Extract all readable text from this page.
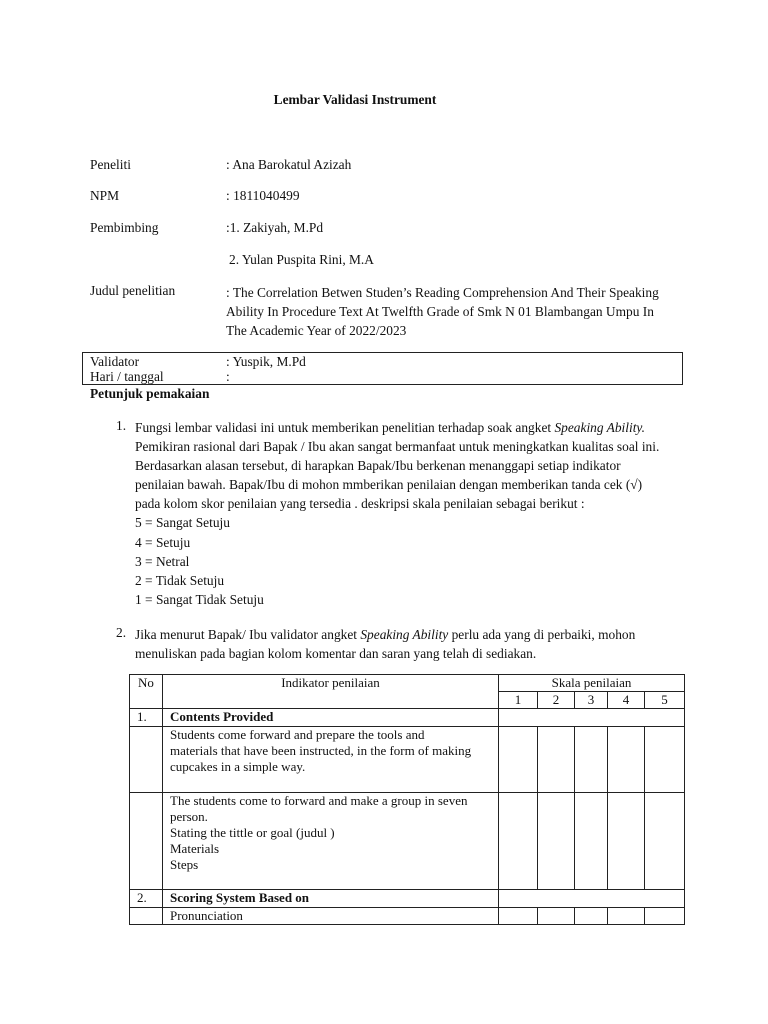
Lembar Validasi Instrument
Peneliti	: Ana Barokatul Azizah
NPM	: 1811040499
Pembimbing	:1. Zakiyah, M.Pd
2. Yulan Puspita Rini, M.A
Judul penelitian	: The Correlation Betwen Studen’s Reading Comprehension And Their Speaking
Ability In Procedure Text At Twelfth Grade of Smk N 01 Blambangan Umpu In
The Academic Year of 2022/2023
Validator	: Yuspik, M.Pd
Hari / tanggal	:
Petunjuk pemakaian
1. Fungsi lembar validasi ini untuk memberikan penelitian terhadap soak angket Speaking Ability.
Pemikiran rasional dari Bapak / Ibu akan sangat bermanfaat untuk meningkatkan kualitas soal ini.
Berdasarkan alasan tersebut, di harapkan Bapak/Ibu berkenan menanggapi setiap indikator
penilaian bawah. Bapak/Ibu di mohon mmberikan penilaian dengan memberikan tanda cek (√)
pada kolom skor penilaian yang tersedia . deskripsi skala penilaian sebagai berikut :
5 = Sangat Setuju
4 = Setuju
3 = Netral
2 = Tidak Setuju
1 = Sangat Tidak Setuju
2. Jika menurut Bapak/ Ibu validator angket Speaking Ability perlu ada yang di perbaiki, mohon
menuliskan pada bagian kolom komentar dan saran yang telah di sediakan.
No	Indikator penilaian	Skala penilaian				
		1	2	3	4	5
1.	Contents Provided					

	Students come forward and prepare the tools and
materials that have been instructed, in the form of making
cupcakes in a simple way.					

	The students come to forward and make a group in seven
person.
Stating the tittle or goal (judul )
Materials
Steps					

2.	Scoring System Based on					
	Pronunciation					
